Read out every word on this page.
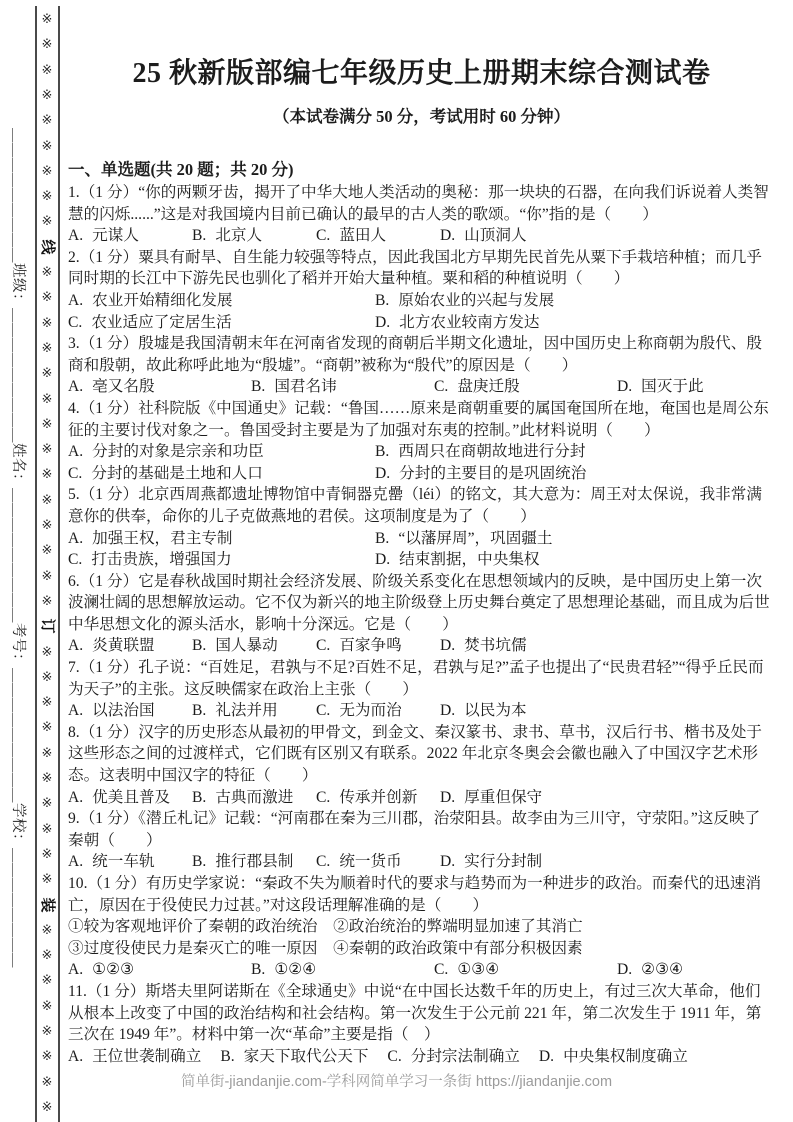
※
※
※
※
※
※
※
※
※
线
※
※
※
※
※
※
※
※
※
※
※
※
※
※
订
※
※
※
※
※
※
※
※
※
※
装
※
※
※
※
※
※
※
※
＿＿＿＿＿＿＿＿＿班级：＿＿＿＿＿＿＿＿＿姓名：＿＿＿＿＿＿＿＿＿考号：＿＿＿＿＿＿＿＿＿学校：＿＿＿＿＿＿＿＿
25 秋新版部编七年级历史上册期末综合测试卷
（本试卷满分 50 分，考试用时 60 分钟）
一、单选题(共 20 题；共 20 分)

1.（1 分）“你的两颗牙齿，揭开了中华大地人类活动的奥秘：那一块块的石器，在向我们诉说着人类智慧的闪烁......”这是对我国境内目前已确认的最早的古人类的歌颂。“你”指的是（　　）

A. 元谋人	B. 北京人	C. 蓝田人	D. 山顶洞人

2.（1 分）粟具有耐旱、自生能力较强等特点，因此我国北方早期先民首先从粟下手栽培种植；而几乎同时期的长江中下游先民也驯化了稻并开始大量种植。粟和稻的种植说明（　　）

A. 农业开始精细化发展	B. 原始农业的兴起与发展
C. 农业适应了定居生活	D. 北方农业较南方发达

3.（1 分）殷墟是我国清朝末年在河南省发现的商朝后半期文化遗址，因中国历史上称商朝为殷代、殷商和殷朝，故此称呼此地为“殷墟”。“商朝”被称为“殷代”的原因是（　　）

A. 亳又名殷	B. 国君名讳	C. 盘庚迁殷	D. 国灭于此

4.（1 分）社科院版《中国通史》记载：“鲁国……原来是商朝重要的属国奄国所在地，奄国也是周公东征的主要讨伐对象之一。鲁国受封主要是为了加强对东夷的控制。”此材料说明（　　）

A. 分封的对象是宗亲和功臣	B. 西周只在商朝故地进行分封
C. 分封的基础是土地和人口	D. 分封的主要目的是巩固统治

5.（1 分）北京西周燕都遗址博物馆中青铜器克罍（léi）的铭文，其大意为：周王对太保说，我非常满意你的供奉，命你的儿子克做燕地的君侯。这项制度是为了（　　）

A. 加强王权，君主专制	B. “以藩屏周”，巩固疆土
C. 打击贵族，增强国力	D. 结束割据，中央集权

6.（1 分）它是春秋战国时期社会经济发展、阶级关系变化在思想领域内的反映，是中国历史上第一次波澜壮阔的思想解放运动。它不仅为新兴的地主阶级登上历史舞台奠定了思想理论基础，而且成为后世中华思想文化的源头活水，影响十分深远。它是（　　）

A. 炎黄联盟	B. 国人暴动	C. 百家争鸣	D. 焚书坑儒

7.（1 分）孔子说：“百姓足，君孰与不足?百姓不足，君孰与足?”孟子也提出了“民贵君轻”“得乎丘民而为天子”的主张。这反映儒家在政治上主张（　　）

A. 以法治国	B. 礼法并用	C. 无为而治	D. 以民为本

8.（1 分）汉字的历史形态从最初的甲骨文，到金文、秦汉篆书、隶书、草书，汉后行书、楷书及处于这些形态之间的过渡样式，它们既有区别又有联系。2022 年北京冬奥会会徽也融入了中国汉字艺术形态。这表明中国汉字的特征（　　）

A. 优美且普及	B. 古典而激进	C. 传承并创新	D. 厚重但保守

9.（1 分）《潜丘札记》记载：“河南郡在秦为三川郡，治荥阳县。故李由为三川守，守荥阳。”这反映了秦朝（　　）

A. 统一车轨	B. 推行郡县制	C. 统一货币	D. 实行分封制

10.（1 分）有历史学家说：“秦政不失为顺着时代的要求与趋势而为一种进步的政治。而秦代的迅速消亡，原因在于役使民力过甚。”对这段话理解准确的是（　　）

①较为客观地评价了秦朝的政治统治　②政治统治的弊端明显加速了其消亡

③过度役使民力是秦灭亡的唯一原因　④秦朝的政治政策中有部分积极因素

A. ①②③	B. ①②④	C. ①③④	D. ②③④

11.（1 分）斯塔夫里阿诺斯在《全球通史》中说“在中国长达数千年的历史上，有过三次大革命，他们从根本上改变了中国的政治结构和社会结构。第一次发生于公元前 221 年，第二次发生于 1911 年，第三次在 1949 年”。材料中第一次“革命”主要是指（　）

A. 王位世袭制确立 B. 家天下取代公天下 C. 分封宗法制确立 D. 中央集权制度确立
简单街-jiandanjie.com-学科网简单学习一条街 https://jiandanjie.com
